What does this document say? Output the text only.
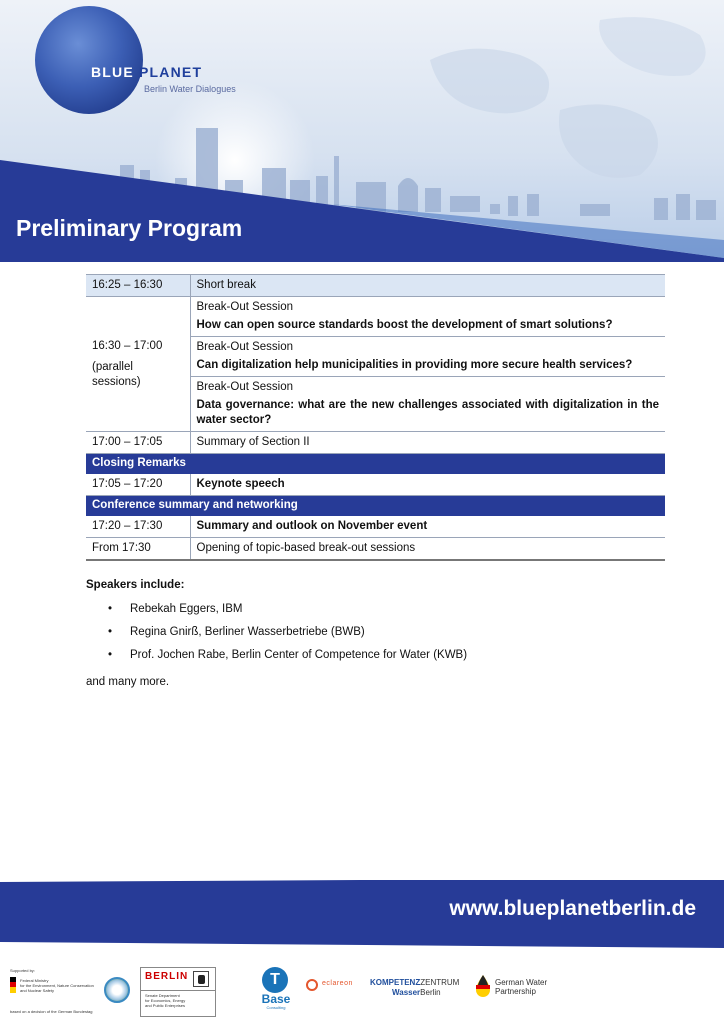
BLUE PLANET
Berlin Water Dialogues
Preliminary Program
16:25 – 16:30	Short break

16:30 – 17:00
(parallel
sessions)	Break-Out Session
How can open source standards boost the development of smart solutions?

	Break-Out Session
Can digitalization help municipalities in providing more secure health services?

	Break-Out Session
Data governance: what are the new challenges associated with digitalization in the water sector?

17:00 – 17:05	Summary of Section II
Closing Remarks	
17:05 – 17:20	Keynote speech
Conference summary and networking	
17:20 – 17:30	Summary and outlook on November event
From 17:30	Opening of topic-based break-out sessions
Speakers include:
• Rebekah Eggers, IBM
• Regina Gnirß, Berliner Wasserbetriebe (BWB)
• Prof. Jochen Rabe, Berlin Center of Competence for Water (KWB)

and many more.

www.blueplanetberlin.de
Supported by:
Federal Ministry
for the Environment, Nature Conservation
and Nuclear Safety
based on a decision of the German Bundestag
BERLIN
Senate Department
for Economics, Energy
and Public Enterprises
T
Base
Consulting
eclareon KOMPETENZZENTRUM
WasserBerlin
German Water
Partnership
